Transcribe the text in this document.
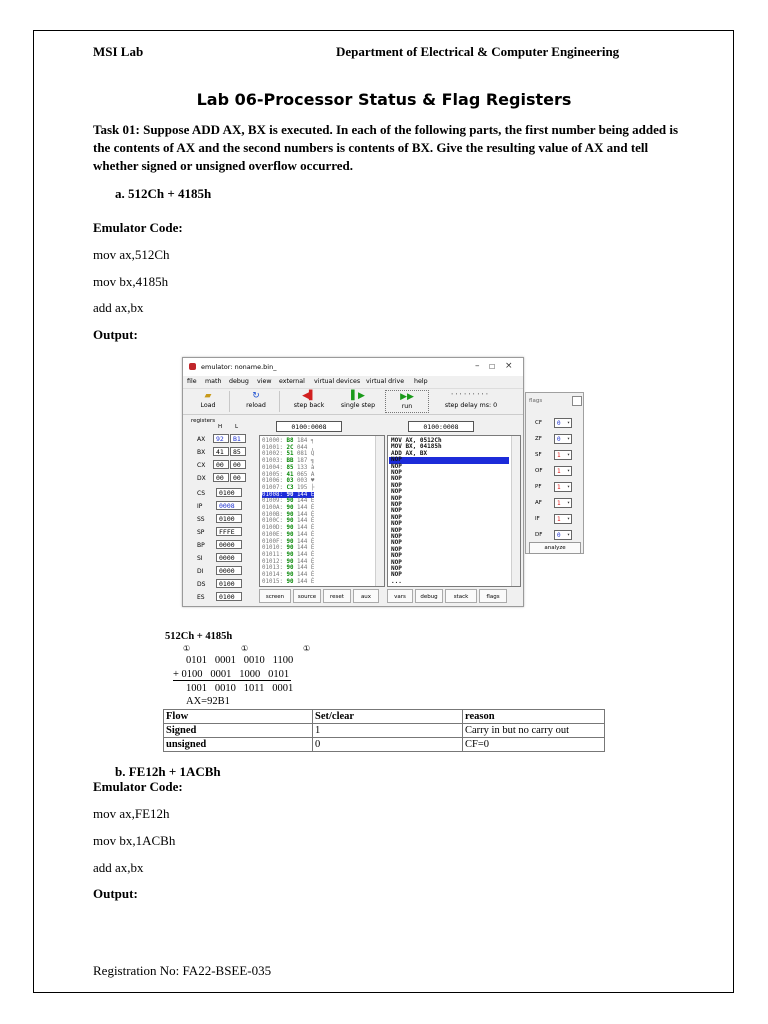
MSI Lab	Department of Electrical & Computer Engineering
Lab 06-Processor Status & Flag Registers
Task 01: Suppose ADD AX, BX is executed. In each of the following parts, the first number being added is the contents of AX and the second numbers is contents of BX. Give the resulting value of AX and tell whether signed or unsigned overflow occurred.
a. 512Ch + 4185h
Emulator Code:
mov ax,512Ch
mov bx,4185h
add ax,bx
Output:
emulator: noname.bin_	– ☐ ×
file math debug view external virtual devices virtual drive help
▰
Load
↻
reload
◀▌
step back
▌▶
single step
▶▶
run
'''''''''
step delay ms: 0
registers
H L
AX	92	B1
BX	41	85
CX	00	00
DX	00	00
CS	0100
IP	0008
SS	0100
SP	FFFE
BP	0000
SI	0000
DI	0000
DS	0100
ES	0100
0100:0008
01000: B8 184 ╕
01001: 2C 044 ,
01002: 51 081 Q
01003: BB 187 ╗
01004: 85 133 à
01005: 41 065 A
01006: 03 003 ♥
01007: C3 195 ├
01008: 90 144 É
01009: 90 144 É
0100A: 90 144 É
0100B: 90 144 É
0100C: 90 144 É
0100D: 90 144 É
0100E: 90 144 É
0100F: 90 144 É
01010: 90 144 É
01011: 90 144 É
01012: 90 144 É
01013: 90 144 É
01014: 90 144 É
01015: 90 144 É
0100:0008
MOV AX, 0512Ch
MOV BX, 04185h
ADD AX, BX
NOP
NOP
NOP
NOP
NOP
NOP
NOP
NOP
NOP
NOP
NOP
NOP
NOP
NOP
NOP
NOP
NOP
NOP
NOP
...
screen	source	reset	aux	vars	debug	stack	flags
flags
CF	0 ▾
ZF	0 ▾
SF	1 ▾
OF	1 ▾
PF	1 ▾
AF	1 ▾
IF	1 ▾
DF	0 ▾
analyze
512Ch + 4185h
①	①	①
0101   0001   0010   1100
+ 0100   0001   1000   0101
1001   0010   1011   0001
AX=92B1
Flow	Set/clear	reason
Signed	1	Carry in but no carry out
unsigned	0	CF=0
b. FE12h + 1ACBh
Emulator Code:
mov ax,FE12h
mov bx,1ACBh
add ax,bx
Output:
Registration No: FA22-BSEE-035
